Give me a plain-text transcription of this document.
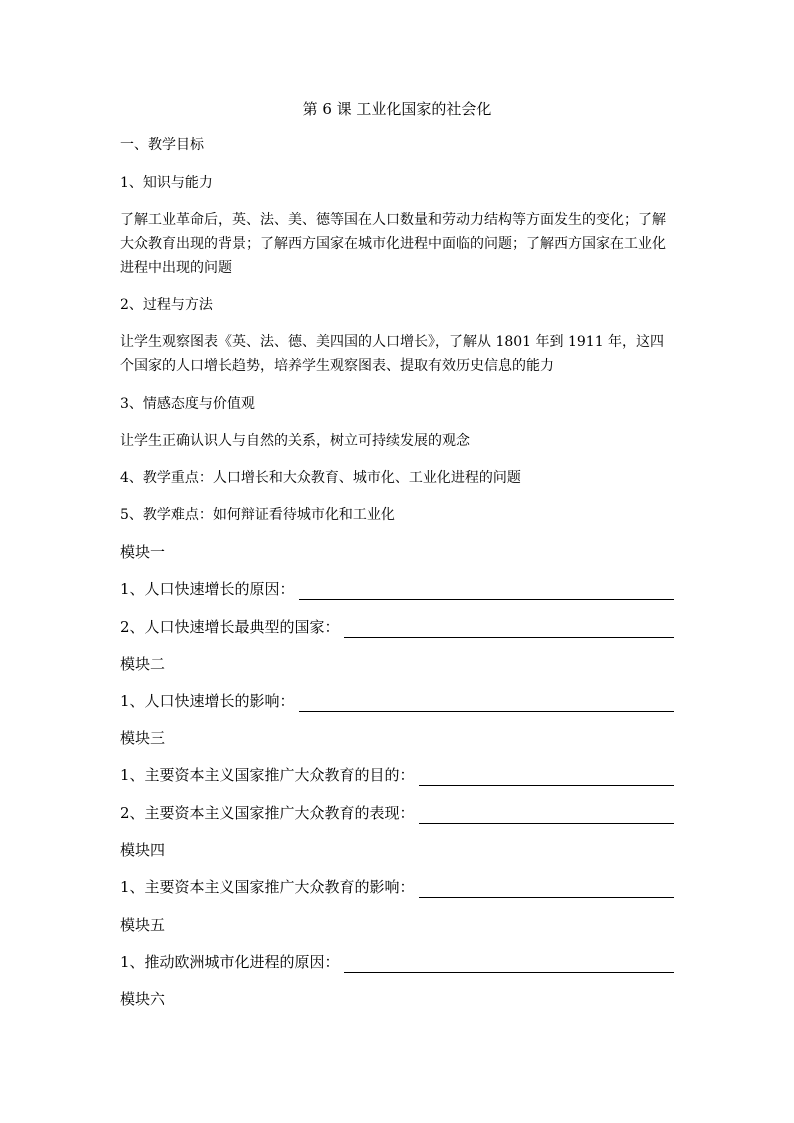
第 6 课 工业化国家的社会化
一、教学目标
1、知识与能力
了解工业革命后，英、法、美、德等国在人口数量和劳动力结构等方面发生的变化；了解大众教育出现的背景；了解西方国家在城市化进程中面临的问题；了解西方国家在工业化进程中出现的问题
2、过程与方法
让学生观察图表《英、法、德、美四国的人口增长》，了解从 1801 年到 1911 年，这四个国家的人口增长趋势，培养学生观察图表、提取有效历史信息的能力
3、情感态度与价值观
让学生正确认识人与自然的关系，树立可持续发展的观念
4、教学重点：人口增长和大众教育、城市化、工业化进程的问题
5、教学难点：如何辩证看待城市化和工业化
模块一
1、人口快速增长的原因：
2、人口快速增长最典型的国家：
模块二
1、人口快速增长的影响：
模块三
1、主要资本主义国家推广大众教育的目的：
2、主要资本主义国家推广大众教育的表现：
模块四
1、主要资本主义国家推广大众教育的影响：
模块五
1、推动欧洲城市化进程的原因：
模块六
